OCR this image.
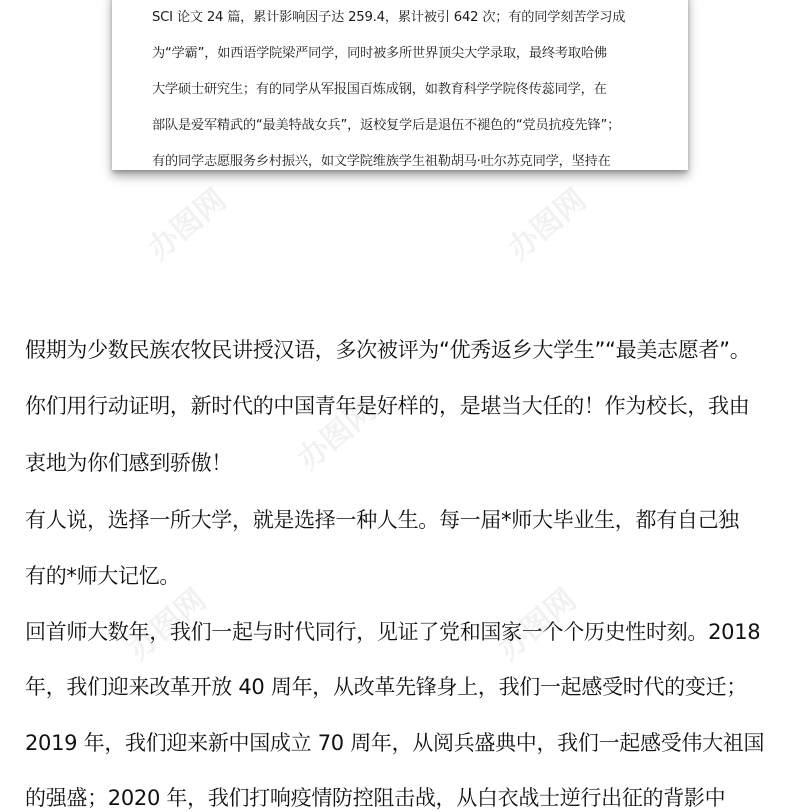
办图网	办图网
办图网
办图网	办图网
SCI 论文 24 篇，累计影响因子达 259.4，累计被引 642 次；有的同学刻苦学习成
为“学霸”，如西语学院梁严同学，同时被多所世界顶尖大学录取，最终考取哈佛
大学硕士研究生；有的同学从军报国百炼成钢，如教育科学学院佟传蕊同学，在
部队是爱军精武的“最美特战女兵”，返校复学后是退伍不褪色的“党员抗疫先锋”；
有的同学志愿服务乡村振兴，如文学院维族学生祖勒胡马·吐尔苏克同学，坚持在
假期为少数民族农牧民讲授汉语，多次被评为“优秀返乡大学生”“最美志愿者”。
你们用行动证明，新时代的中国青年是好样的，是堪当大任的！作为校长，我由
衷地为你们感到骄傲！
有人说，选择一所大学，就是选择一种人生。每一届*师大毕业生，都有自己独
有的*师大记忆。
回首师大数年，我们一起与时代同行，见证了党和国家一个个历史性时刻。2018
年，我们迎来改革开放 40 周年，从改革先锋身上，我们一起感受时代的变迁；
2019 年，我们迎来新中国成立 70 周年，从阅兵盛典中，我们一起感受伟大祖国
的强盛；2020 年，我们打响疫情防控阻击战，从白衣战士逆行出征的背影中
